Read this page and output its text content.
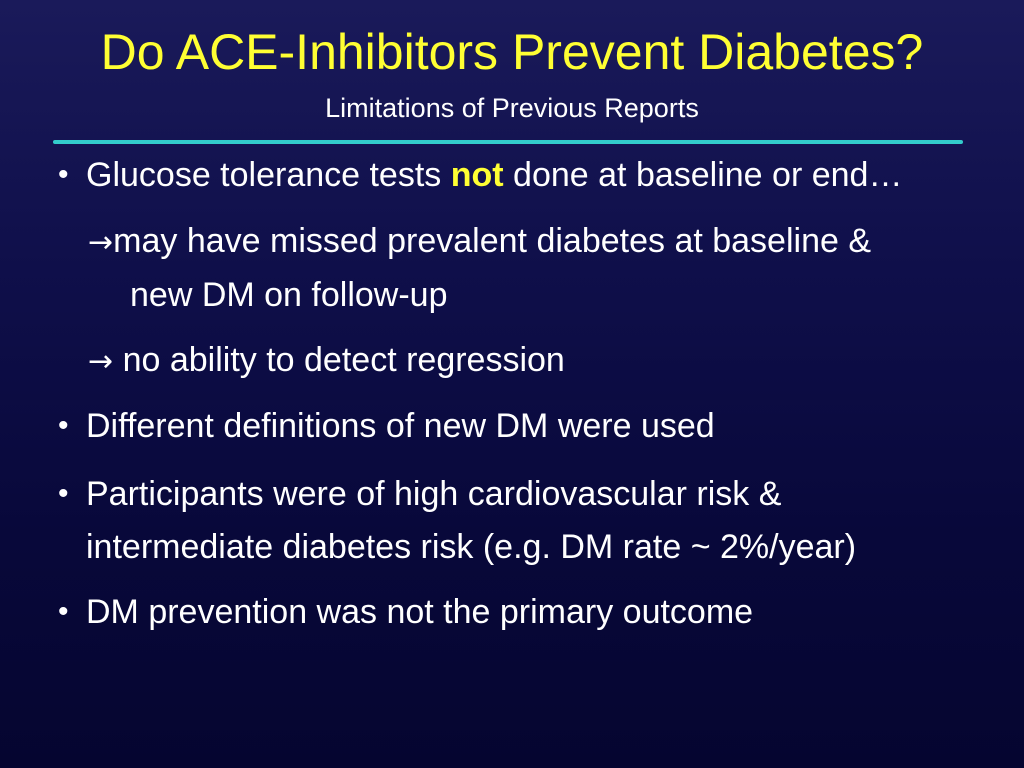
Do ACE-Inhibitors Prevent Diabetes?
Limitations of Previous Reports
• Glucose tolerance tests not done at baseline or end…
→may have missed prevalent diabetes at baseline &
new DM on follow-up
→ no ability to detect regression
• Different definitions of new DM were used
• Participants were of high cardiovascular risk &
intermediate diabetes risk (e.g. DM rate ~ 2%/year)
• DM prevention was not the primary outcome
